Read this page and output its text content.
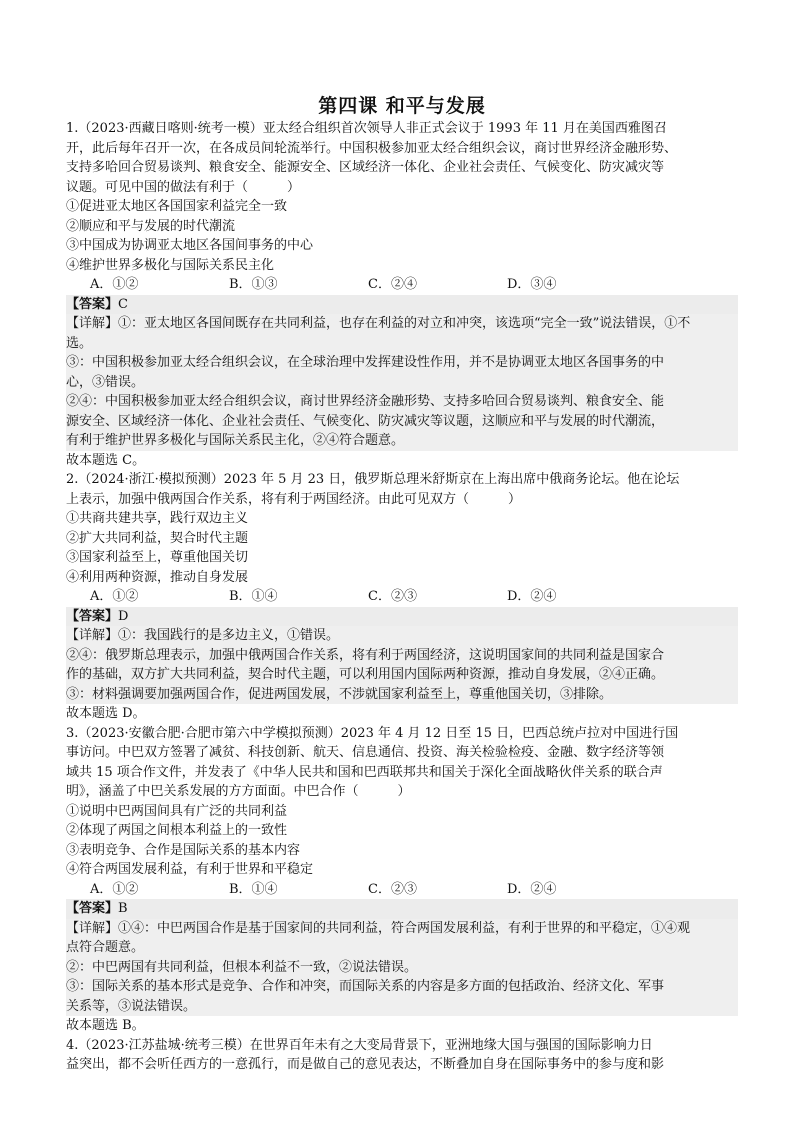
第四课 和平与发展
1.（2023·西藏日喀则·统考一模）亚太经合组织首次领导人非正式会议于 1993 年 11 月在美国西雅图召
开，此后每年召开一次，在各成员间轮流举行。中国积极参加亚太经合组织会议，商讨世界经济金融形势、
支持多哈回合贸易谈判、粮食安全、能源安全、区域经济一体化、企业社会责任、气候变化、防灾减灾等
议题。可见中国的做法有利于（　　　）
①促进亚太地区各国国家利益完全一致
②顺应和平与发展的时代潮流
③中国成为协调亚太地区各国间事务的中心
④维护世界多极化与国际关系民主化
A．①②	B．①③	C．②④	D．③④
【答案】C
【详解】①：亚太地区各国间既存在共同利益，也存在利益的对立和冲突，该选项“完全一致”说法错误，①不
选。
③：中国积极参加亚太经合组织会议，在全球治理中发挥建设性作用，并不是协调亚太地区各国事务的中
心，③错误。
②④：中国积极参加亚太经合组织会议，商讨世界经济金融形势、支持多哈回合贸易谈判、粮食安全、能
源安全、区域经济一体化、企业社会责任、气候变化、防灾减灾等议题，这顺应和平与发展的时代潮流，
有利于维护世界多极化与国际关系民主化，②④符合题意。
故本题选 C。
2.（2024·浙江·模拟预测）2023 年 5 月 23 日，俄罗斯总理米舒斯京在上海出席中俄商务论坛。他在论坛
上表示，加强中俄两国合作关系，将有利于两国经济。由此可见双方（　　　）
①共商共建共享，践行双边主义
②扩大共同利益，契合时代主题
③国家利益至上，尊重他国关切
④利用两种资源，推动自身发展
A．①②	B．①④	C．②③	D．②④
【答案】D
【详解】①：我国践行的是多边主义，①错误。
②④：俄罗斯总理表示，加强中俄两国合作关系，将有利于两国经济，这说明国家间的共同利益是国家合
作的基础，双方扩大共同利益，契合时代主题，可以利用国内国际两种资源，推动自身发展，②④正确。
③：材料强调要加强两国合作，促进两国发展，不涉就国家利益至上，尊重他国关切，③排除。
故本题选 D。
3.（2023·安徽合肥·合肥市第六中学模拟预测）2023 年 4 月 12 日至 15 日，巴西总统卢拉对中国进行国
事访问。中巴双方签署了减贫、科技创新、航天、信息通信、投资、海关检验检疫、金融、数字经济等领
域共 15 项合作文件，并发表了《中华人民共和国和巴西联邦共和国关于深化全面战略伙伴关系的联合声
明》，涵盖了中巴关系发展的方方面面。中巴合作（　　　）
①说明中巴两国间具有广泛的共同利益
②体现了两国之间根本利益上的一致性
③表明竞争、合作是国际关系的基本内容
④符合两国发展利益，有利于世界和平稳定
A．①②	B．①④	C．②③	D．②④
【答案】B
【详解】①④：中巴两国合作是基于国家间的共同利益，符合两国发展利益，有利于世界的和平稳定，①④观
点符合题意。
②：中巴两国有共同利益，但根本利益不一致，②说法错误。
③：国际关系的基本形式是竞争、合作和冲突，而国际关系的内容是多方面的包括政治、经济文化、军事
关系等，③说法错误。
故本题选 B。
4.（2023·江苏盐城·统考三模）在世界百年未有之大变局背景下，亚洲地缘大国与强国的国际影响力日
益突出，都不会听任西方的一意孤行，而是做自己的意见表达，不断叠加自身在国际事务中的参与度和影
